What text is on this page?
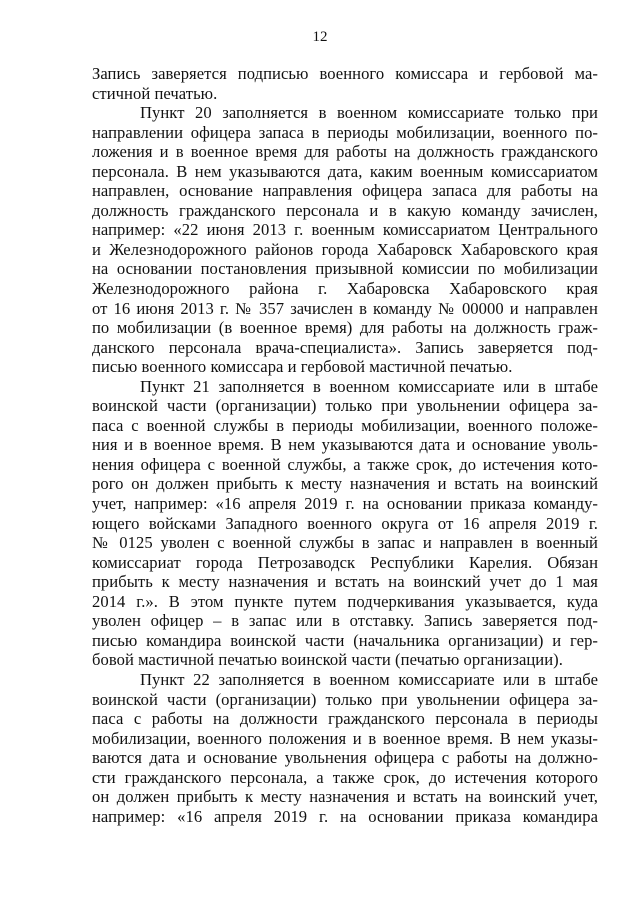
12
Запись заверяется подписью военного комиссара и гербовой ма-
стичной печатью.
Пункт 20 заполняется в военном комиссариате только при
направлении офицера запаса в периоды мобилизации, военного по-
ложения и в военное время для работы на должность гражданского
персонала. В нем указываются дата, каким военным комиссариатом
направлен, основание направления офицера запаса для работы на
должность гражданского персонала и в какую команду зачислен,
например: «22 июня 2013 г. военным комиссариатом Центрального
и Железнодорожного районов города Хабаровск Хабаровского края
на основании постановления призывной комиссии по мобилизации
Железнодорожного района г. Хабаровска Хабаровского края
от 16 июня 2013 г. № 357 зачислен в команду № 00000 и направлен
по мобилизации (в военное время) для работы на должность граж-
данского персонала врача-специалиста». Запись заверяется под-
писью военного комиссара и гербовой мастичной печатью.
Пункт 21 заполняется в военном комиссариате или в штабе
воинской части (организации) только при увольнении офицера за-
паса с военной службы в периоды мобилизации, военного положе-
ния и в военное время. В нем указываются дата и основание уволь-
нения офицера с военной службы, а также срок, до истечения кото-
рого он должен прибыть к месту назначения и встать на воинский
учет, например: «16 апреля 2019 г. на основании приказа команду-
ющего войсками Западного военного округа от 16 апреля 2019 г.
№ 0125 уволен с военной службы в запас и направлен в военный
комиссариат города Петрозаводск Республики Карелия. Обязан
прибыть к месту назначения и встать на воинский учет до 1 мая
2014 г.». В этом пункте путем подчеркивания указывается, куда
уволен офицер – в запас или в отставку. Запись заверяется под-
писью командира воинской части (начальника организации) и гер-
бовой мастичной печатью воинской части (печатью организации).
Пункт 22 заполняется в военном комиссариате или в штабе
воинской части (организации) только при увольнении офицера за-
паса с работы на должности гражданского персонала в периоды
мобилизации, военного положения и в военное время. В нем указы-
ваются дата и основание увольнения офицера с работы на должно-
сти гражданского персонала, а также срок, до истечения которого
он должен прибыть к месту назначения и встать на воинский учет,
например: «16 апреля 2019 г. на основании приказа командира
